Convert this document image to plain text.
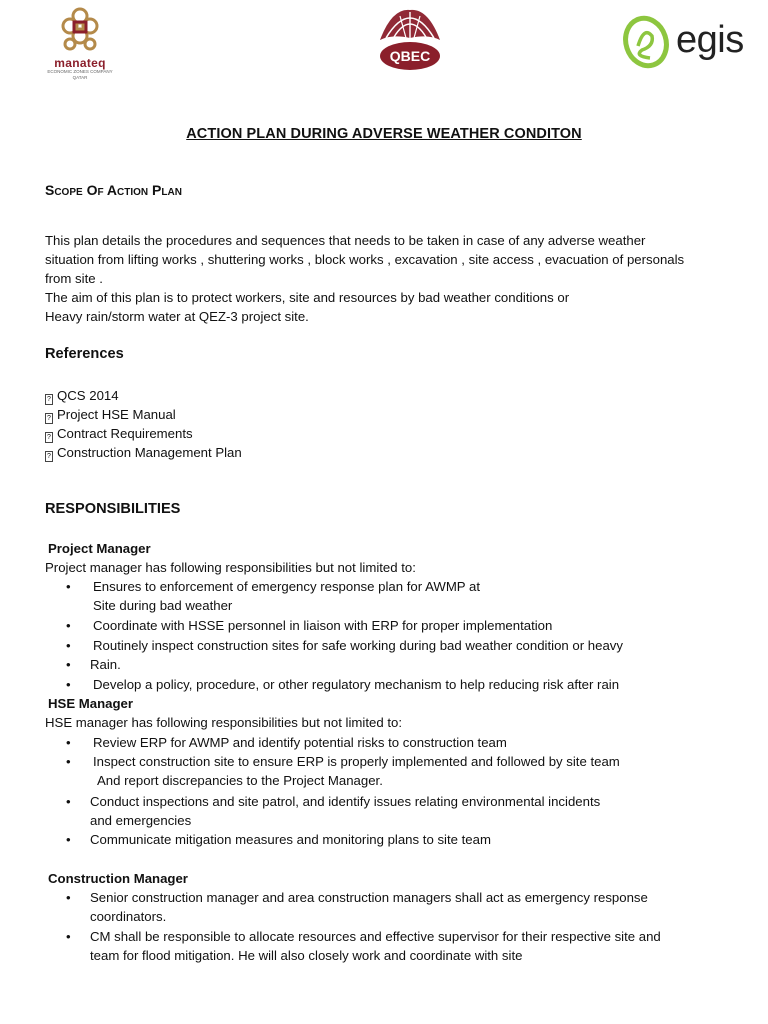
manateq
ECONOMIC ZONES COMPANY QATAR
QBEC	egis
ACTION PLAN DURING ADVERSE WEATHER CONDITON
Scope Of Action Plan
This plan details the procedures and sequences that needs to be taken in case of any adverse weather
situation from lifting works , shuttering works , block works , excavation , site access , evacuation of personals
from site .
The aim of this plan is to protect workers, site and resources by bad weather conditions or
Heavy rain/storm water at QEZ-3 project site.
References
? QCS 2014
? Project HSE Manual
? Contract Requirements
? Construction Management Plan
RESPONSIBILITIES
Project Manager
Project manager has following responsibilities but not limited to:
• Ensures to enforcement of emergency response plan for AWMP at
Site during bad weather
• Coordinate with HSSE personnel in liaison with ERP for proper implementation
• Routinely inspect construction sites for safe working during bad weather condition or heavy
• Rain.
• Develop a policy, procedure, or other regulatory mechanism to help reducing risk after rain
HSE Manager
HSE manager has following responsibilities but not limited to:
• Review ERP for AWMP and identify potential risks to construction team
• Inspect construction site to ensure ERP is properly implemented and followed by site team
And report discrepancies to the Project Manager.
• Conduct inspections and site patrol, and identify issues relating environmental incidents
and emergencies
• Communicate mitigation measures and monitoring plans to site team
Construction Manager
• Senior construction manager and area construction managers shall act as emergency response
coordinators.
• CM shall be responsible to allocate resources and effective supervisor for their respective site and
team for flood mitigation. He will also closely work and coordinate with site
